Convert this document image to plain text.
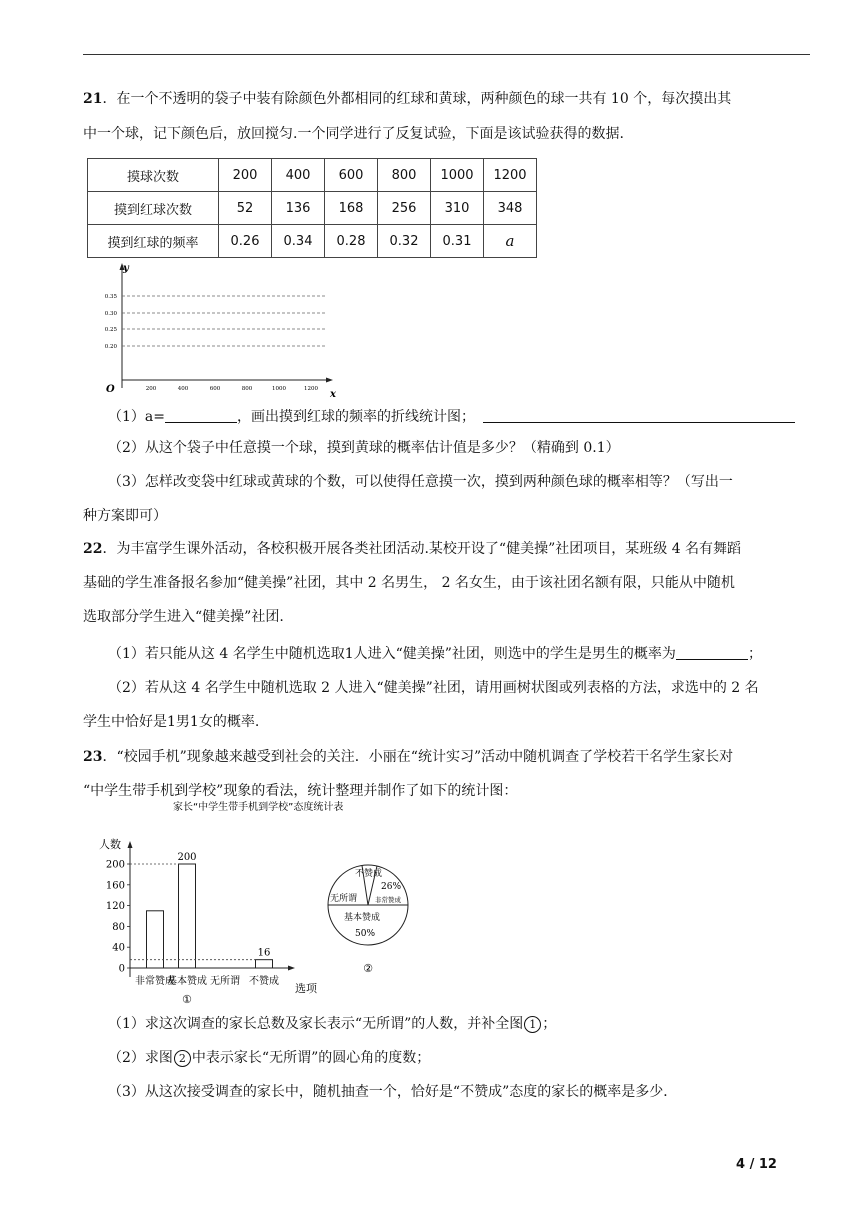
21．在一个不透明的袋子中装有除颜色外都相同的红球和黄球，两种颜色的球一共有 10 个，每次摸出其
中一个球，记下颜色后，放回搅匀.一个同学进行了反复试验，下面是该试验获得的数据.
摸球次数	200	400	600	800	1000	1200
摸到红球次数	52	136	168	256	310	348
摸到红球的频率	0.26	0.34	0.28	0.32	0.31	a
y
x
O
0.35
0.30
0.25
0.20
200	400	600	800	1000	1200
（1）a=	，画出摸到红球的频率的折线统计图；
（2）从这个袋子中任意摸一个球，摸到黄球的概率估计值是多少？（精确到 0.1）
（3）怎样改变袋中红球或黄球的个数，可以使得任意摸一次，摸到两种颜色球的概率相等？（写出一
种方案即可）
22．为丰富学生课外活动，各校积极开展各类社团活动.某校开设了“健美操”社团项目，某班级 4 名有舞蹈
基础的学生准备报名参加“健美操”社团，其中 2 名男生， 2 名女生，由于该社团名额有限，只能从中随机
选取部分学生进入“健美操”社团.
（1）若只能从这 4 名学生中随机选取1人进入“健美操”社团，则选中的学生是男生的概率为	；
（2）若从这 4 名学生中随机选取 2 人进入“健美操”社团，请用画树状图或列表格的方法，求选中的 2 名
学生中恰好是1男1女的概率.
23．“校园手机”现象越来越受到社会的关注．小丽在“统计实习”活动中随机调查了学校若干名学生家长对
“中学生带手机到学校”现象的看法，统计整理并制作了如下的统计图：
家长“中学生带手机到学校”态度统计表
人数
选项
①
0
40
80
120
160
200
非常赞成
200
基本赞成 无所谓
16
不赞成
不赞成
无所谓
26%
非常赞成
基本赞成
50%
②
（1）求这次调查的家长总数及家长表示“无所谓”的人数，并补全图 1 ；
（2）求图 2 中表示家长“无所谓”的圆心角的度数；
（3）从这次接受调查的家长中，随机抽查一个，恰好是“不赞成”态度的家长的概率是多少．
4 / 12
